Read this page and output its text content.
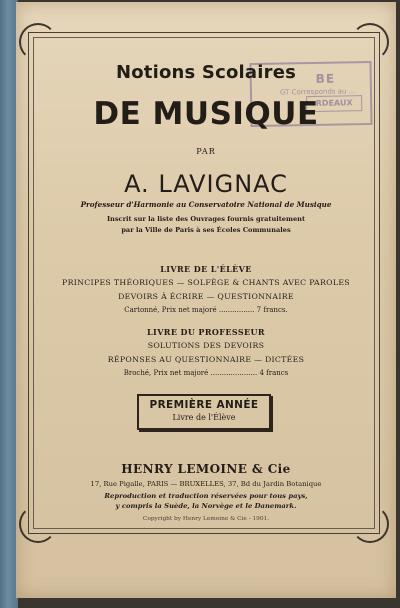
BE
GT Corresponds au ...
RDEAUX
Notions Scolaires
DE MUSIQUE
PAR
A. LAVIGNAC
Professeur d'Harmonie au Conservatoire National de Musique
Inscrit sur la liste des Ouvrages fournis gratuitement
par la Ville de Paris à ses Écoles Communales
LIVRE DE L'ÉLÈVE
PRINCIPES THÉORIQUES — SOLFÈGE & CHANTS AVEC PAROLES
DEVOIRS À ÉCRIRE — QUESTIONNAIRE
Cartonné, Prix net majoré ................ 7 francs.
LIVRE DU PROFESSEUR
SOLUTIONS DES DEVOIRS
RÉPONSES AU QUESTIONNAIRE — DICTÉES
Broché, Prix net majoré ..................... 4 francs
PREMIÈRE ANNÉE
Livre de l'Élève
HENRY LEMOINE & Cie
17, Rue Pigalle, PARIS — BRUXELLES, 37, Bd du Jardin Botanique
Reproduction et traduction réservées pour tous pays,
y compris la Suède, la Norvège et le Danemark.
Copyright by Henry Lemoine & Cie - 1901.
